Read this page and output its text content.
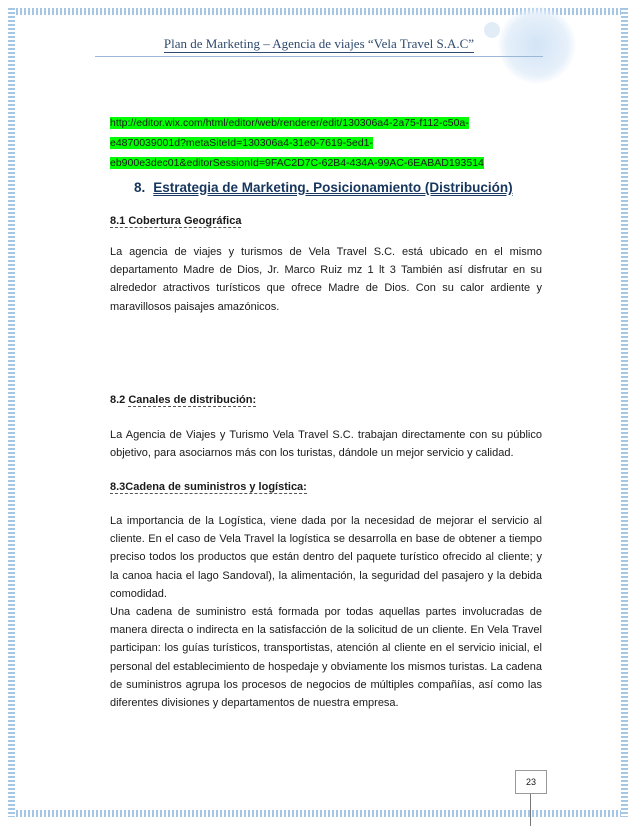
Plan de Marketing – Agencia de viajes “Vela Travel S.A.C”
http://editor.wix.com/html/editor/web/renderer/edit/130306a4-2a75-f112-c50a-
e4870039001d?metaSiteId=130306a4-31e0-7619-5ed1-
eb900e3dec01&editorSessionId=9FAC2D7C-62B4-434A-99AC-6EABAD193514
8. Estrategia de Marketing. Posicionamiento (Distribución)
8.1 Cobertura Geográfica

La agencia de viajes y turismos de Vela Travel S.C. está ubicado en el mismo departamento Madre de Dios, Jr. Marco Ruiz mz 1 lt 3 También así disfrutar en su alrededor atractivos turísticos que ofrece Madre de Dios. Con su calor ardiente y maravillosos paisajes amazónicos.

8.2 Canales de distribución:

La Agencia de Viajes y Turismo Vela Travel S.C. trabajan directamente con su público objetivo, para asociarnos más con los turistas, dándole un mejor servicio y calidad.

8.3Cadena de suministros y logística:

La importancia de la Logística, viene dada por la necesidad de mejorar el servicio al cliente. En el caso de Vela Travel la logística se desarrolla en base de obtener a tiempo preciso todos los productos que están dentro del paquete turístico ofrecido al cliente; y la canoa hacia el lago Sandoval), la alimentación, la seguridad del pasajero y la debida comodidad.

Una cadena de suministro está formada por todas aquellas partes involucradas de manera directa o indirecta en la satisfacción de la solicitud de un cliente. En Vela Travel participan: los guías turísticos, transportistas, atención al cliente en el servicio inicial, el personal del establecimiento de hospedaje y obviamente los mismos turistas. La cadena de suministros agrupa los procesos de negocios de múltiples compañías, así como las diferentes divisiones y departamentos de nuestra empresa.

23
